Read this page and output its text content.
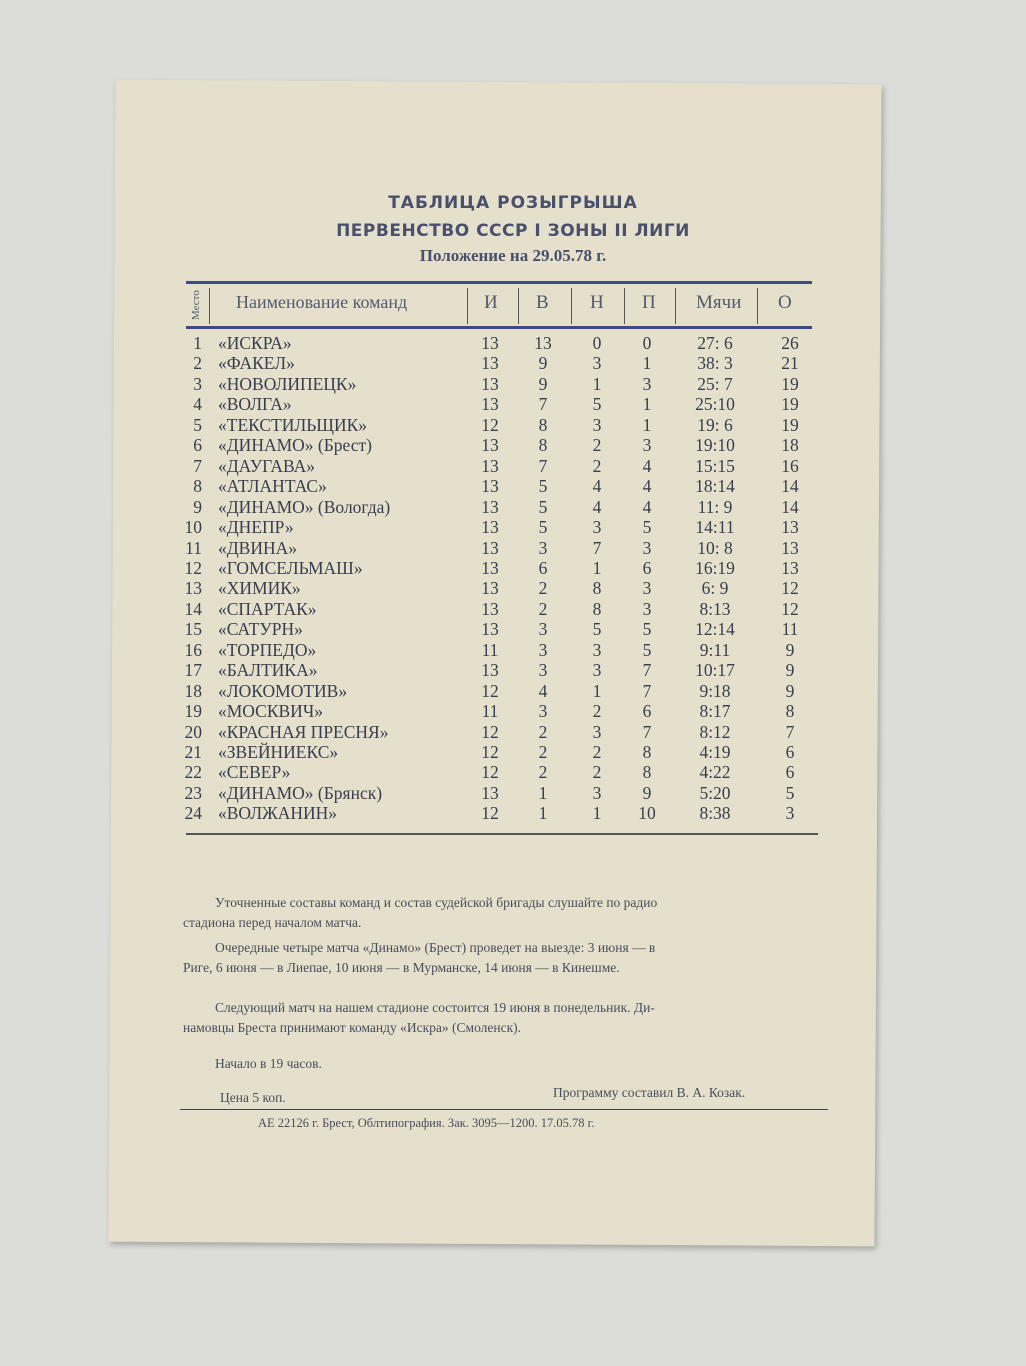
ТАБЛИЦА РОЗЫГРЫША
ПЕРВЕНСТВО СССР I ЗОНЫ II ЛИГИ
Положение на 29.05.78 г.
Место Наименование команд	И В Н П Мячи О
1 «ИСКРА»	13	13	0	0	27: 6	26
2 «ФАКЕЛ»	13	9	3	1	38: 3	21
3 «НОВОЛИПЕЦК»	13	9	1	3	25: 7	19
4 «ВОЛГА»	13	7	5	1	25:10	19
5 «ТЕКСТИЛЬЩИК»	12	8	3	1	19: 6	19
6 «ДИНАМО» (Брест)	13	8	2	3	19:10	18
7 «ДАУГАВА»	13	7	2	4	15:15	16
8 «АТЛАНТАС»	13	5	4	4	18:14	14
9 «ДИНАМО» (Вологда)	13	5	4	4	11: 9	14
10 «ДНЕПР»	13	5	3	5	14:11	13
11 «ДВИНА»	13	3	7	3	10: 8	13
12 «ГОМСЕЛЬМАШ»	13	6	1	6	16:19	13
13 «ХИМИК»	13	2	8	3	6: 9	12
14 «СПАРТАК»	13	2	8	3	8:13	12
15 «САТУРН»	13	3	5	5	12:14	11
16 «ТОРПЕДО»	11	3	3	5	9:11	9
17 «БАЛТИКА»	13	3	3	7	10:17	9
18 «ЛОКОМОТИВ»	12	4	1	7	9:18	9
19 «МОСКВИЧ»	11	3	2	6	8:17	8
20 «КРАСНАЯ ПРЕСНЯ»	12	2	3	7	8:12	7
21 «ЗВЕЙНИЕКС»	12	2	2	8	4:19	6
22 «СЕВЕР»	12	2	2	8	4:22	6
23 «ДИНАМО» (Брянск)	13	1	3	9	5:20	5
24 «ВОЛЖАНИН»	12	1	1	10	8:38	3
Уточненные составы команд и состав судейской бригады слушайте по радио
стадиона перед началом матча.
Очередные четыре матча «Динамо» (Брест) проведет на выезде: 3 июня — в
Риге, 6 июня — в Лиепае, 10 июня — в Мурманске, 14 июня — в Кинешме.
Следующий матч на нашем стадионе состоится 19 июня в понедельник. Ди-
намовцы Бреста принимают команду «Искра» (Смоленск).
Начало в 19 часов.
Цена 5 коп.	Программу составил В. А. Козак.
АЕ 22126 г. Брест, Облтипография. Зак. 3095—1200. 17.05.78 г.
